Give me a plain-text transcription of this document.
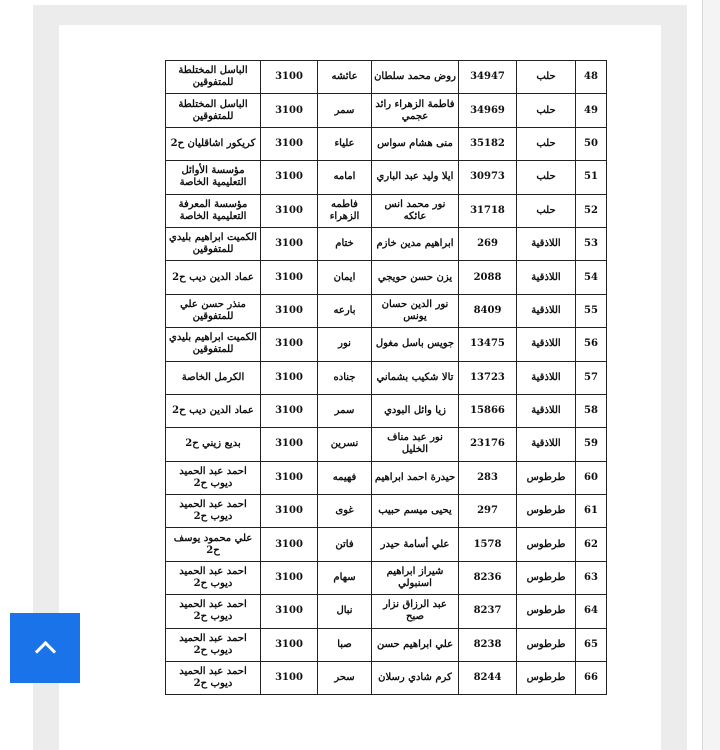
48	حلب	34947	روض محمد سلطان	عائشه	3100	الباسل المختلطة للمتفوقين
49	حلب	34969	فاطمة الزهراء رائد عجمي	سمر	3100	الباسل المختلطة للمتفوقين
50	حلب	35182	منى هشام سواس	علياء	3100	كريكور اشاقليان ح2
51	حلب	30973	ايلا وليد عبد الباري	امامه	3100	مؤسسة الأوائل التعليمية الخاصة
52	حلب	31718	نور محمد انس عائكه	فاطمه الزهراء	3100	مؤسسة المعرفة التعليمية الخاصة
53	اللاذقية	269	ابراهيم مدين خازم	ختام	3100	الكميت ابراهيم بليدي للمتفوقين
54	اللاذقية	2088	يزن حسن حويجي	ايمان	3100	عماد الدين ديب ح2
55	اللاذقية	8409	نور الدين حسان يونس	بارعه	3100	منذر حسن علي للمتفوقين
56	اللاذقية	13475	جويس باسل مغول	نور	3100	الكميت ابراهيم بليدي للمتفوقين
57	اللاذقية	13723	تالا شكيب بشماني	جناده	3100	الكرمل الخاصة
58	اللاذقية	15866	زيا وائل البودي	سمر	3100	عماد الدين ديب ح2
59	اللاذقية	23176	نور عبد مناف الخليل	نسرين	3100	بديع زيني ح2
60	طرطوس	283	حيدرة احمد ابراهيم	فهيمه	3100	احمد عبد الحميد ديوب ح2
61	طرطوس	297	يحيى ميسم حبيب	غوى	3100	احمد عبد الحميد ديوب ح2
62	طرطوس	1578	علي أسامة حيدر	فاتن	3100	علي محمود يوسف ح2
63	طرطوس	8236	شيراز ابراهيم اسنبولي	سهام	3100	احمد عبد الحميد ديوب ح2
64	طرطوس	8237	عبد الرزاق نزار صبح	نبال	3100	احمد عبد الحميد ديوب ح2
65	طرطوس	8238	علي ابراهيم حسن	صبا	3100	احمد عبد الحميد ديوب ح2
66	طرطوس	8244	كرم شادي رسلان	سحر	3100	احمد عبد الحميد ديوب ح2
